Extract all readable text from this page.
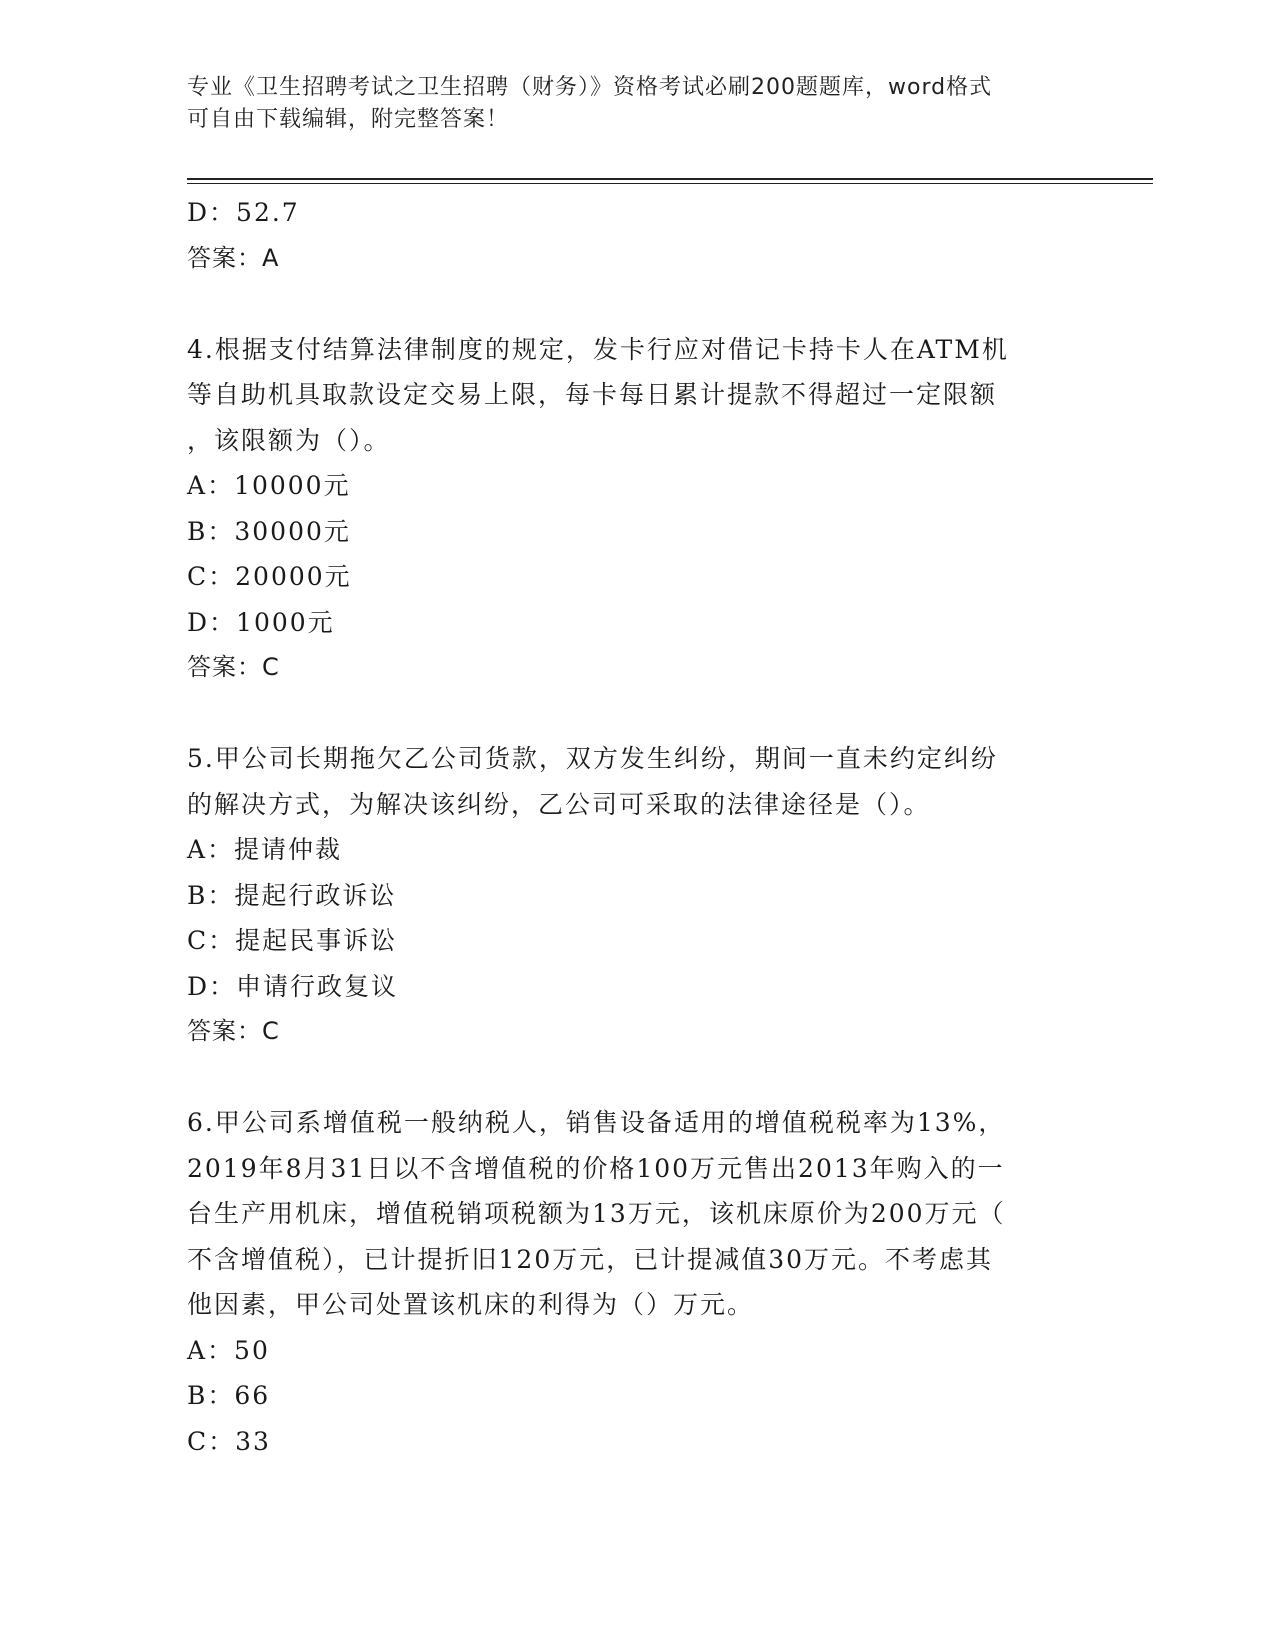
专业《卫生招聘考试之卫生招聘（财务）》资格考试必刷200题题库，word格式
可自由下载编辑，附完整答案！
D：52.7
答案：A
4.根据支付结算法律制度的规定，发卡行应对借记卡持卡人在ATM机
等自助机具取款设定交易上限，每卡每日累计提款不得超过一定限额
，该限额为（）。
A：10000元
B：30000元
C：20000元
D：1000元
答案：C
5.甲公司长期拖欠乙公司货款，双方发生纠纷，期间一直未约定纠纷
的解决方式，为解决该纠纷，乙公司可采取的法律途径是（）。
A：提请仲裁
B：提起行政诉讼
C：提起民事诉讼
D：申请行政复议
答案：C
6.甲公司系增值税一般纳税人，销售设备适用的增值税税率为13%，
2019年8月31日以不含增值税的价格100万元售出2013年购入的一
台生产用机床，增值税销项税额为13万元，该机床原价为200万元（
不含增值税），已计提折旧120万元，已计提减值30万元。不考虑其
他因素，甲公司处置该机床的利得为（）万元。
A：50
B：66
C：33
